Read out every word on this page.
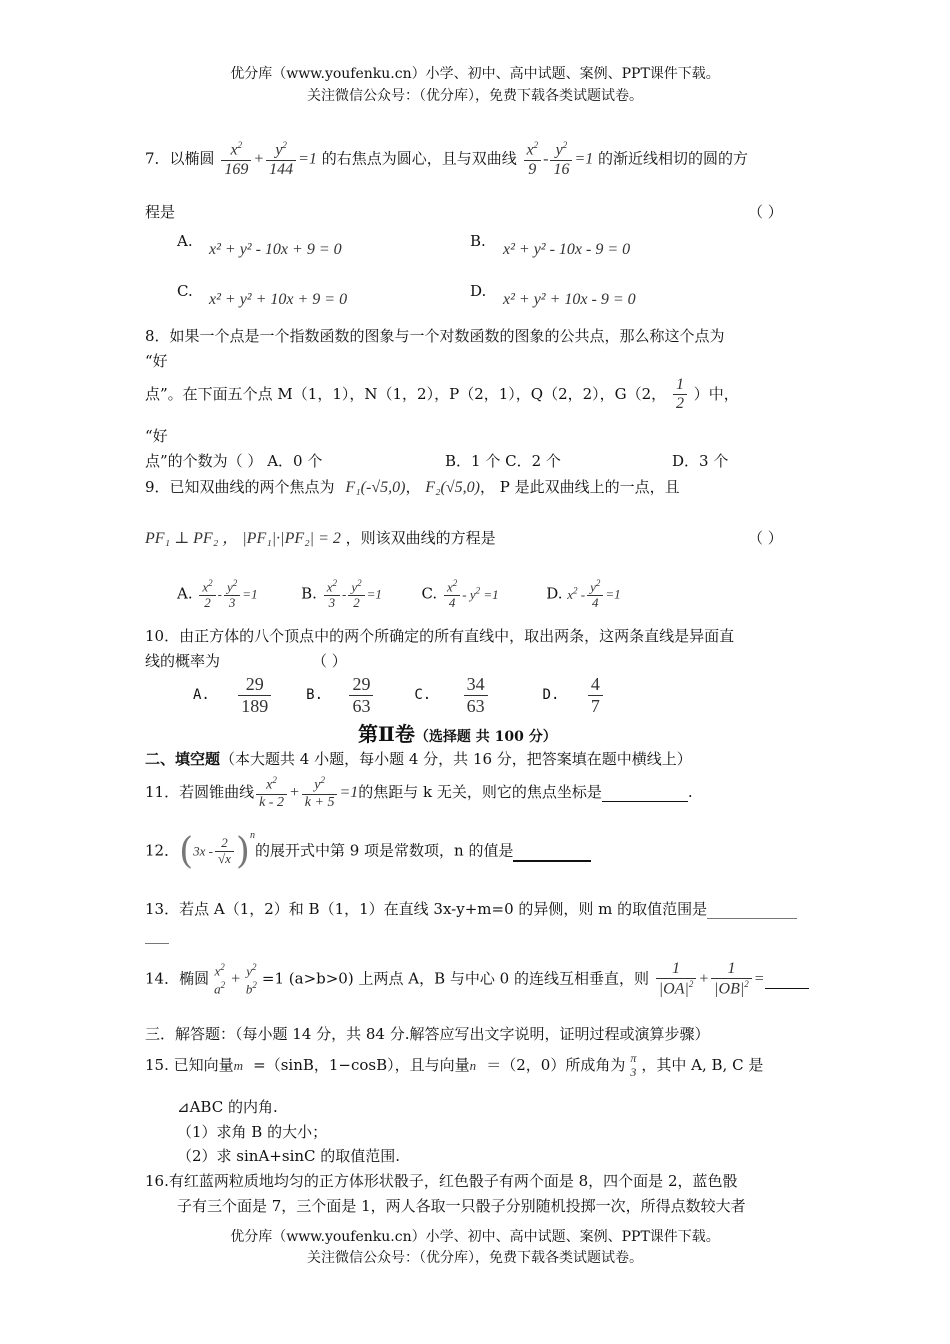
优分库（www.youfenku.cn）小学、初中、高中试题、案例、PPT课件下载。
关注微信公众号：（优分库），免费下载各类试题试卷。
7．以椭圆 $\frac{x^2}{169} + \frac{y^2}{144} =1$ 的右焦点为圆心，且与双曲线 $\frac{x^2}{9} - \frac{y^2}{16} =1$ 的渐近线相切的圆的方
程是	（ ）
A. x² + y² - 10x + 9 = 0	B. x² + y² - 10x - 9 = 0
C. x² + y² + 10x + 9 = 0	D. x² + y² + 10x - 9 = 0
8．如果一个点是一个指数函数的图象与一个对数函数的图象的公共点，那么称这个点为
“好
点”。在下面五个点 M（1，1），N（1，2），P（2，1），Q（2，2），G（2， $\frac{1}{2}$ ）中，
“好
点”的个数为（ ） A．0 个	B．1 个 C．2 个	D．3 个
9．已知双曲线的两个焦点为 F₁(-√5,0)， F₂(√5,0)， P 是此双曲线上的一点，且
PF₁ ⊥ PF₂ ， |PF₁|·|PF₂| = 2 ，则该双曲线的方程是	（ ）
A. $\frac{x^2}{2} - \frac{y^2}{3} =1$	B. $\frac{x^2}{3} - \frac{y^2}{2} =1$	C. $\frac{x^2}{4} - y^2 =1$	D. $x^2 - \frac{y^2}{4} =1$
10．由正方体的八个顶点中的两个所确定的所有直线中，取出两条，这两条直线是异面直
线的概率为	（ ）
A. $\frac{29}{189} B$. $\frac{29}{63}$	C. $\frac{34}{63}$	D. $\frac{4}{7}$
第Ⅱ卷（选择题 共 100 分）
二、填空题（本大题共 4 小题，每小题 4 分，共 16 分，把答案填在题中横线上）
11．若圆锥曲线 $\frac{x^2}{k - 2} + \frac{y^2}{k + 5} =1$的焦距与 k 无关，则它的焦点坐标是	.
12．$(3x - \frac{2}{√x} )^n$的展开式中第 9 项是常数项，n 的值是
13．若点 A（1，2）和 B（1，1）在直线 3x-y+m=0 的异侧，则 m 的取值范围是

14．椭圆 $x^2$
$a^2 + y^2$
$b^2 =1$ (a>b>0) 上两点 A，B 与中心 0 的连线互相垂直，则 $\frac{1}{|OA|^2} + \frac{1}{|OB|^2}$ =
三．解答题：（每小题 14 分，共 84 分.解答应写出文字说明，证明过程或演算步骤）
15. 已知向量m⃗=（sinB，1−cosB），且与向量n⃗＝（2，0）所成角为 π
3 ，其中 A, B, C 是
⊿ABC 的内角.
（1）求角 B 的大小；
（2）求 sinA+sinC 的取值范围.
16.有红蓝两粒质地均匀的正方体形状骰子，红色骰子有两个面是 8，四个面是 2，蓝色骰
子有三个面是 7，三个面是 1，两人各取一只骰子分别随机投掷一次，所得点数较大者
优分库（www.youfenku.cn）小学、初中、高中试题、案例、PPT课件下载。
关注微信公众号：（优分库），免费下载各类试题试卷。
